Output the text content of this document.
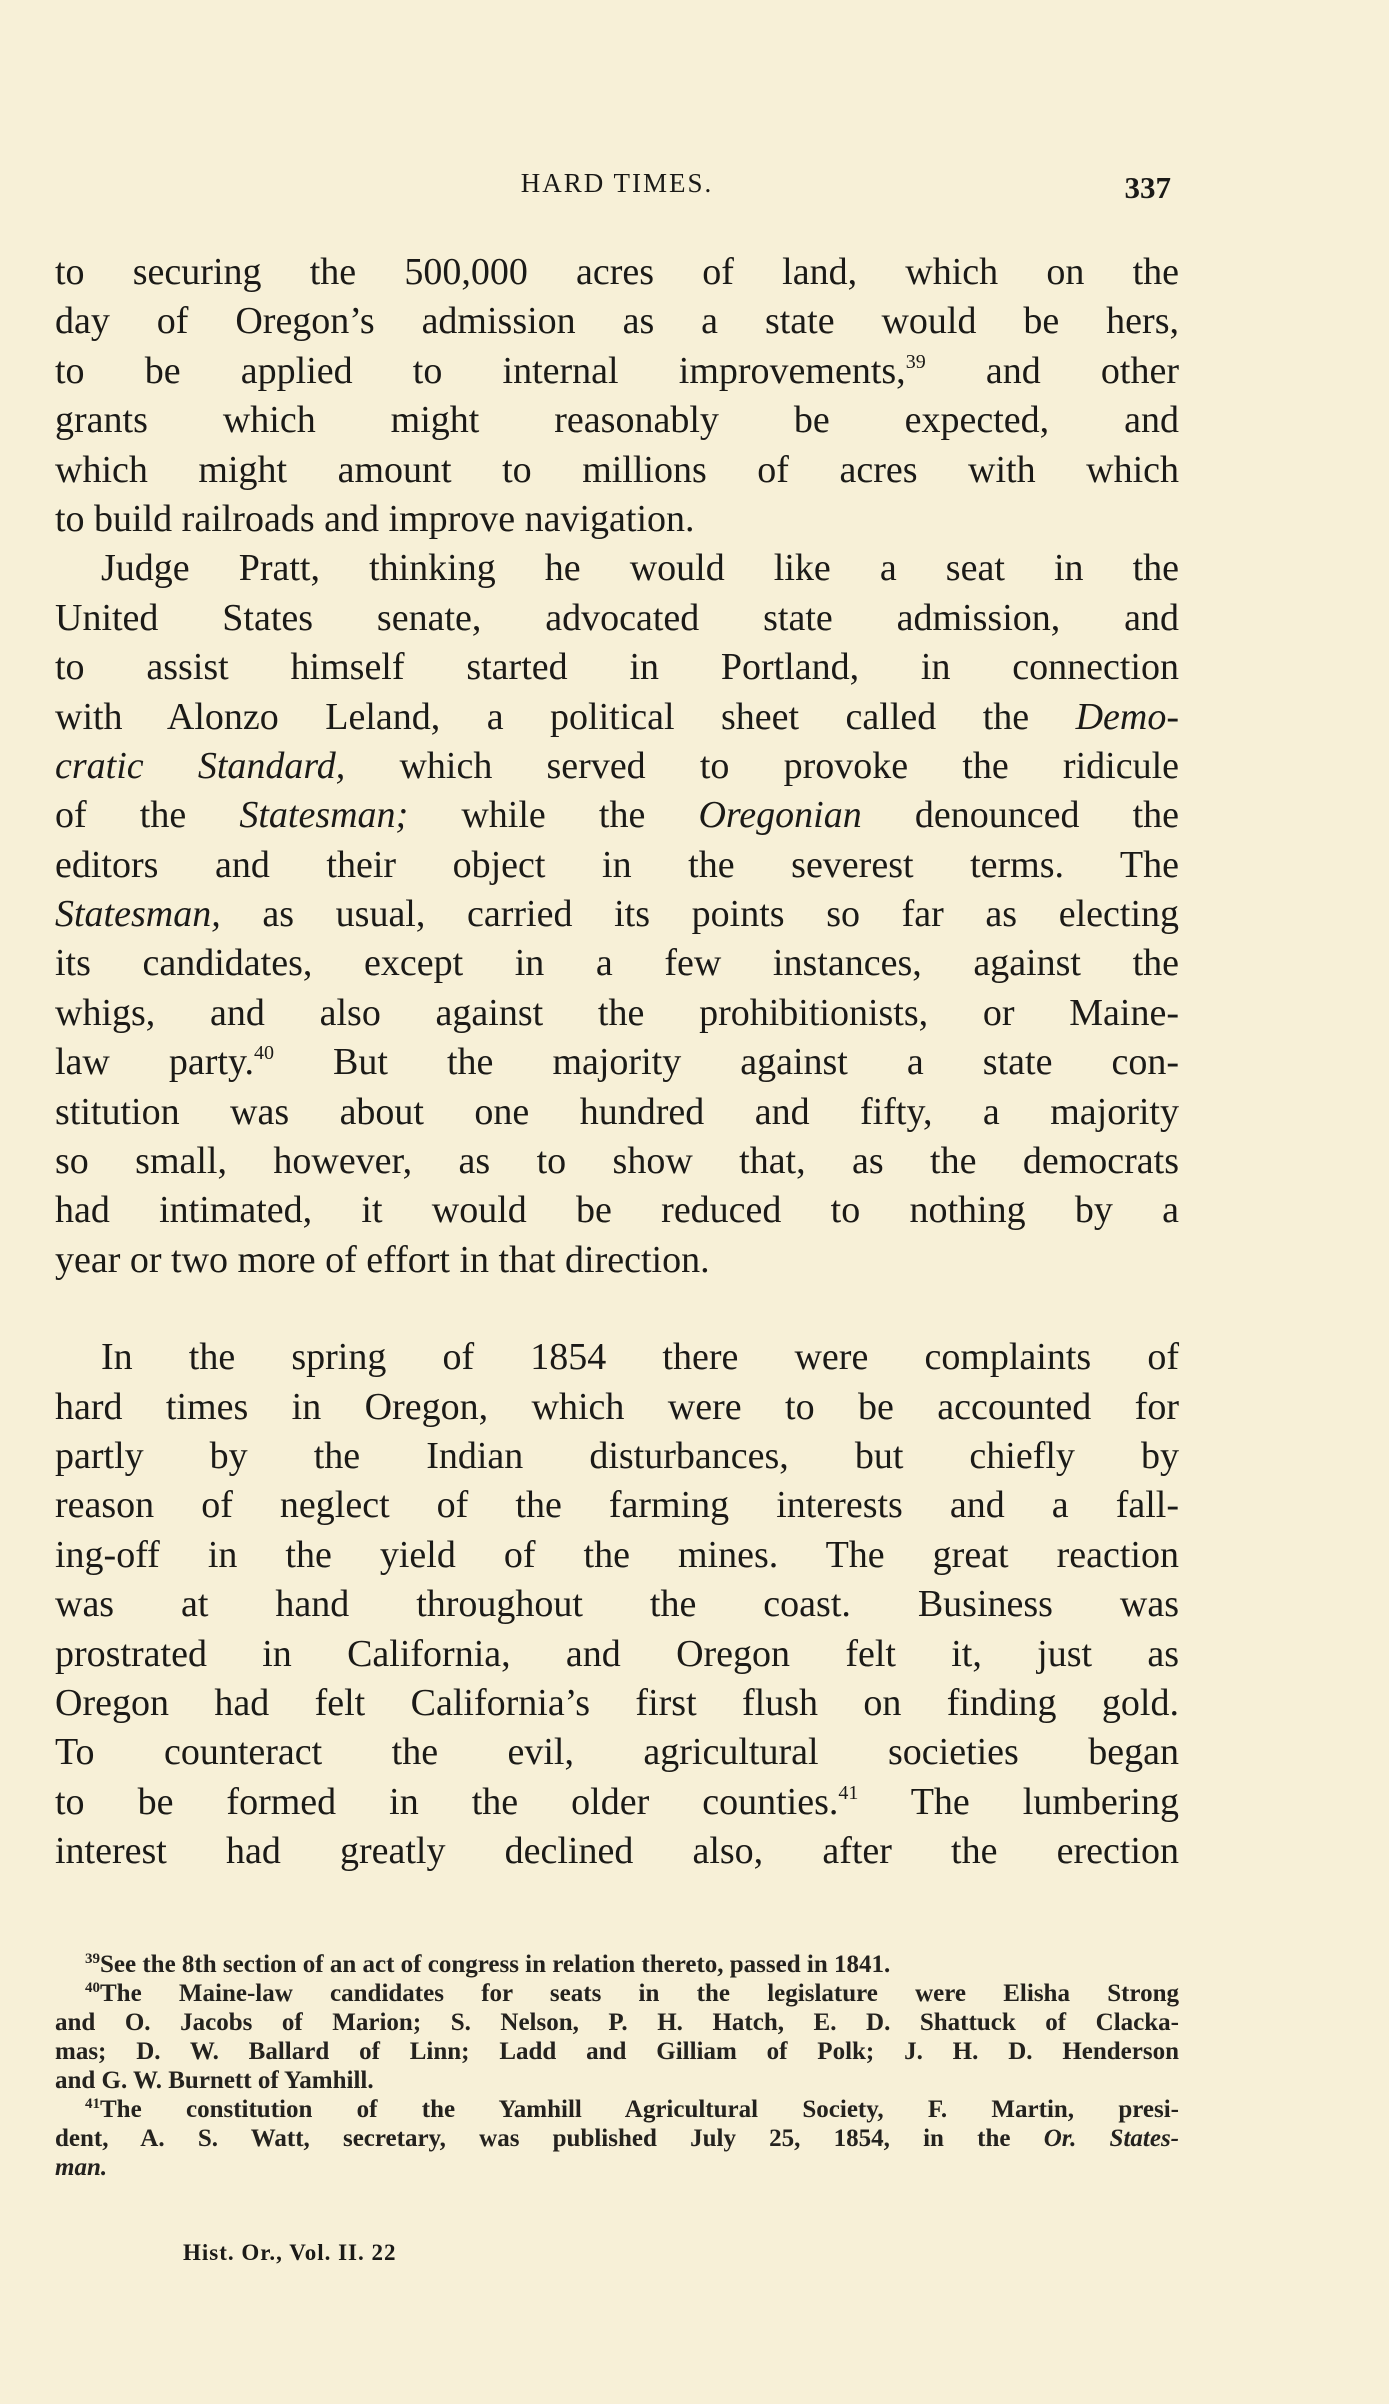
HARD TIMES.	337
to securing the 500,000 acres of land, which on the
day of Oregon’s admission as a state would be hers,
to be applied to internal improvements,$^{39}$ and other
grants which might reasonably be expected, and
which might amount to millions of acres with which
to build railroads and improve navigation.
Judge Pratt, thinking he would like a seat in the
United States senate, advocated state admission, and
to assist himself started in Portland, in connection
with Alonzo Leland, a political sheet called the Demo-
cratic Standard, which served to provoke the ridicule
of the Statesman; while the Oregonian denounced the
editors and their object in the severest terms. The
Statesman, as usual, carried its points so far as electing
its candidates, except in a few instances, against the
whigs, and also against the prohibitionists, or Maine-
law party.$^{40}$ But the majority against a state con-
stitution was about one hundred and fifty, a majority
so small, however, as to show that, as the democrats
had intimated, it would be reduced to nothing by a
year or two more of effort in that direction.
In the spring of 1854 there were complaints of
hard times in Oregon, which were to be accounted for
partly by the Indian disturbances, but chiefly by
reason of neglect of the farming interests and a fall-
ing-off in the yield of the mines. The great reaction
was at hand throughout the coast. Business was
prostrated in California, and Oregon felt it, just as
Oregon had felt California’s first flush on finding gold.
To counteract the evil, agricultural societies began
to be formed in the older counties.$^{41}$ The lumbering
interest had greatly declined also, after the erection
$^{39}$See the 8th section of an act of congress in relation thereto, passed in 1841.
$^{40}$The Maine-law candidates for seats in the legislature were Elisha Strong
and O. Jacobs of Marion; S. Nelson, P. H. Hatch, E. D. Shattuck of Clacka-
mas; D. W. Ballard of Linn; Ladd and Gilliam of Polk; J. H. D. Henderson
and G. W. Burnett of Yamhill.
$^{41}$The constitution of the Yamhill Agricultural Society, F. Martin, presi-
dent, A. S. Watt, secretary, was published July 25, 1854, in the Or. States-
man.
Hist. Or., Vol. II. 22
